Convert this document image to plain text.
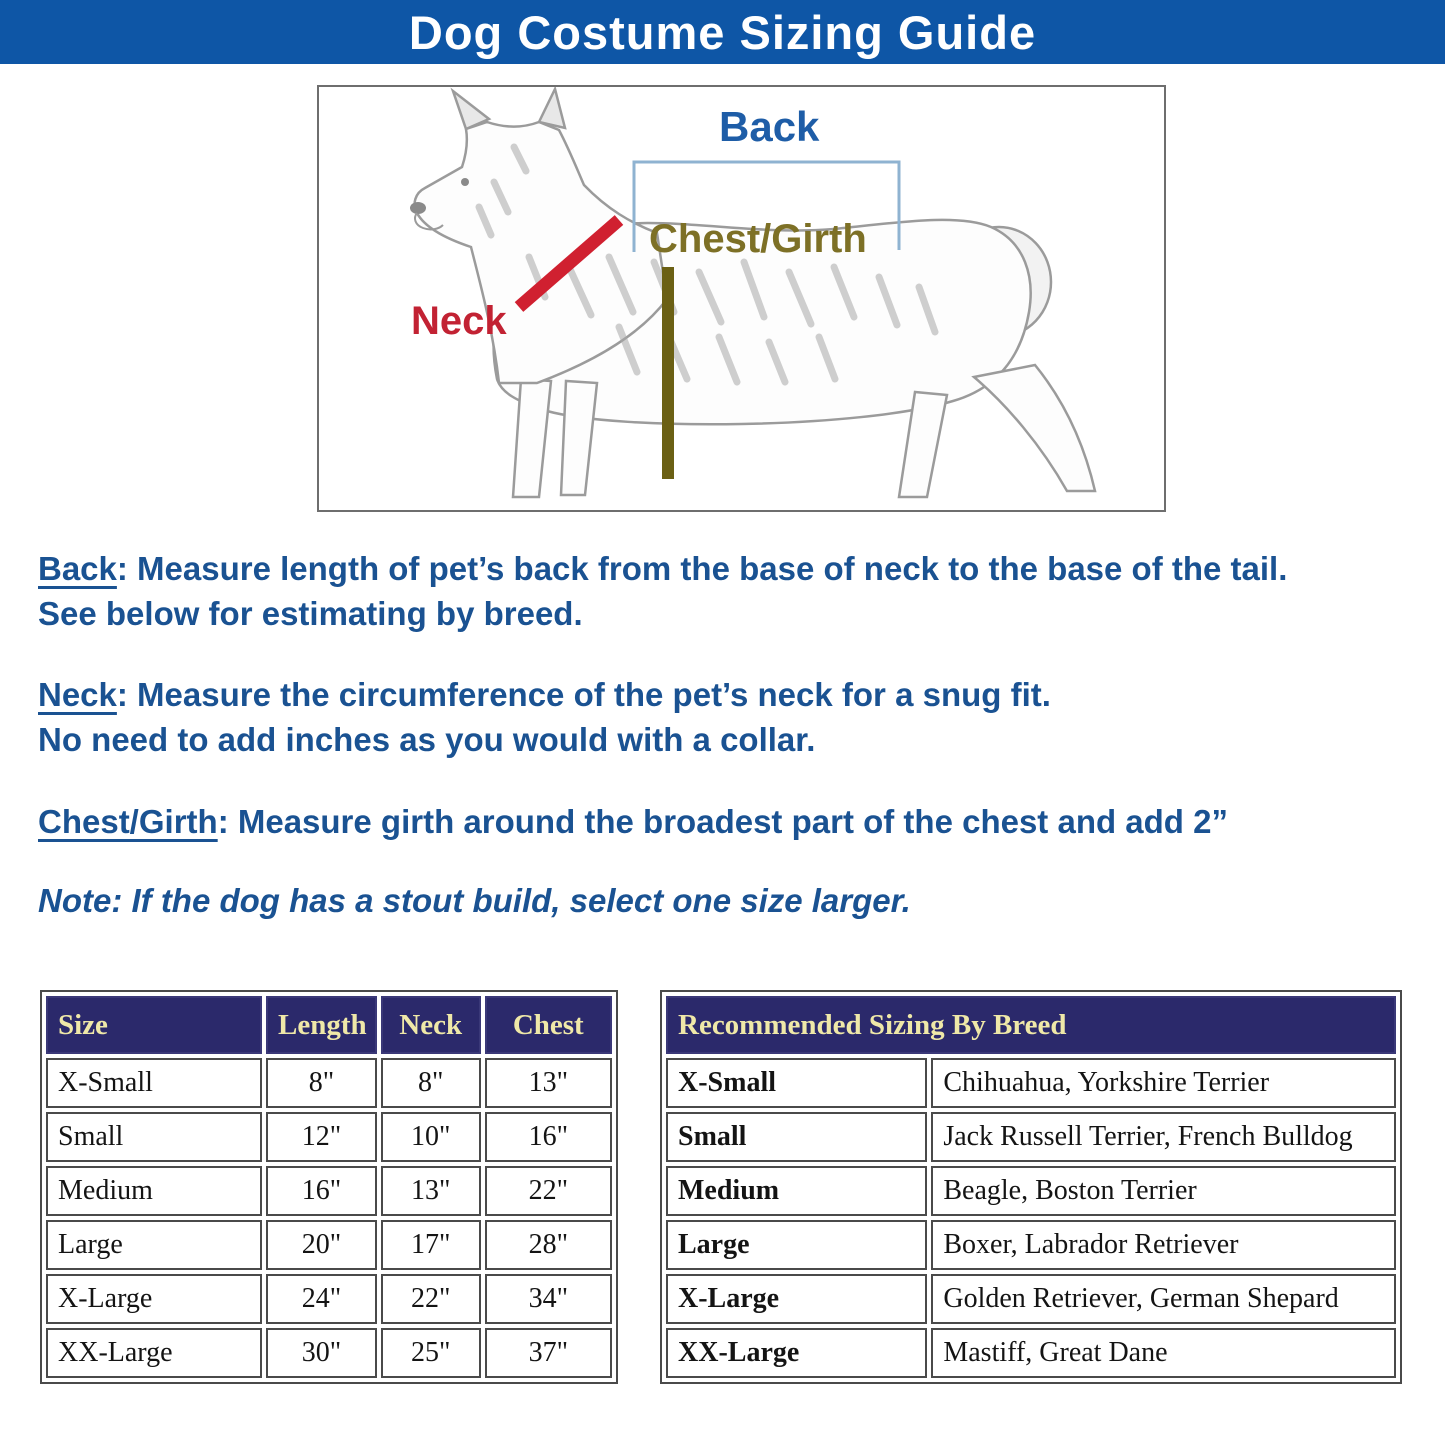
Dog Costume Sizing Guide
Back
Chest/Girth
Neck
Back: Measure length of pet’s back from the base of neck to the base of the tail.
See below for estimating by breed.
Neck: Measure the circumference of the pet’s neck for a snug fit.
No need to add inches as you would with a collar.
Chest/Girth: Measure girth around the broadest part of the chest and add 2”
Note: If the dog has a stout build, select one size larger.
Size	Length	Neck	Chest
X-Small	8"	8"	13"
Small	12"	10"	16"
Medium	16"	13"	22"
Large	20"	17"	28"
X-Large	24"	22"	34"
XX-Large	30"	25"	37"
Recommended Sizing By Breed	
X-Small	Chihuahua, Yorkshire Terrier
Small	Jack Russell Terrier, French Bulldog
Medium	Beagle, Boston Terrier
Large	Boxer, Labrador Retriever
X-Large	Golden Retriever, German Shepard
XX-Large	Mastiff, Great Dane
